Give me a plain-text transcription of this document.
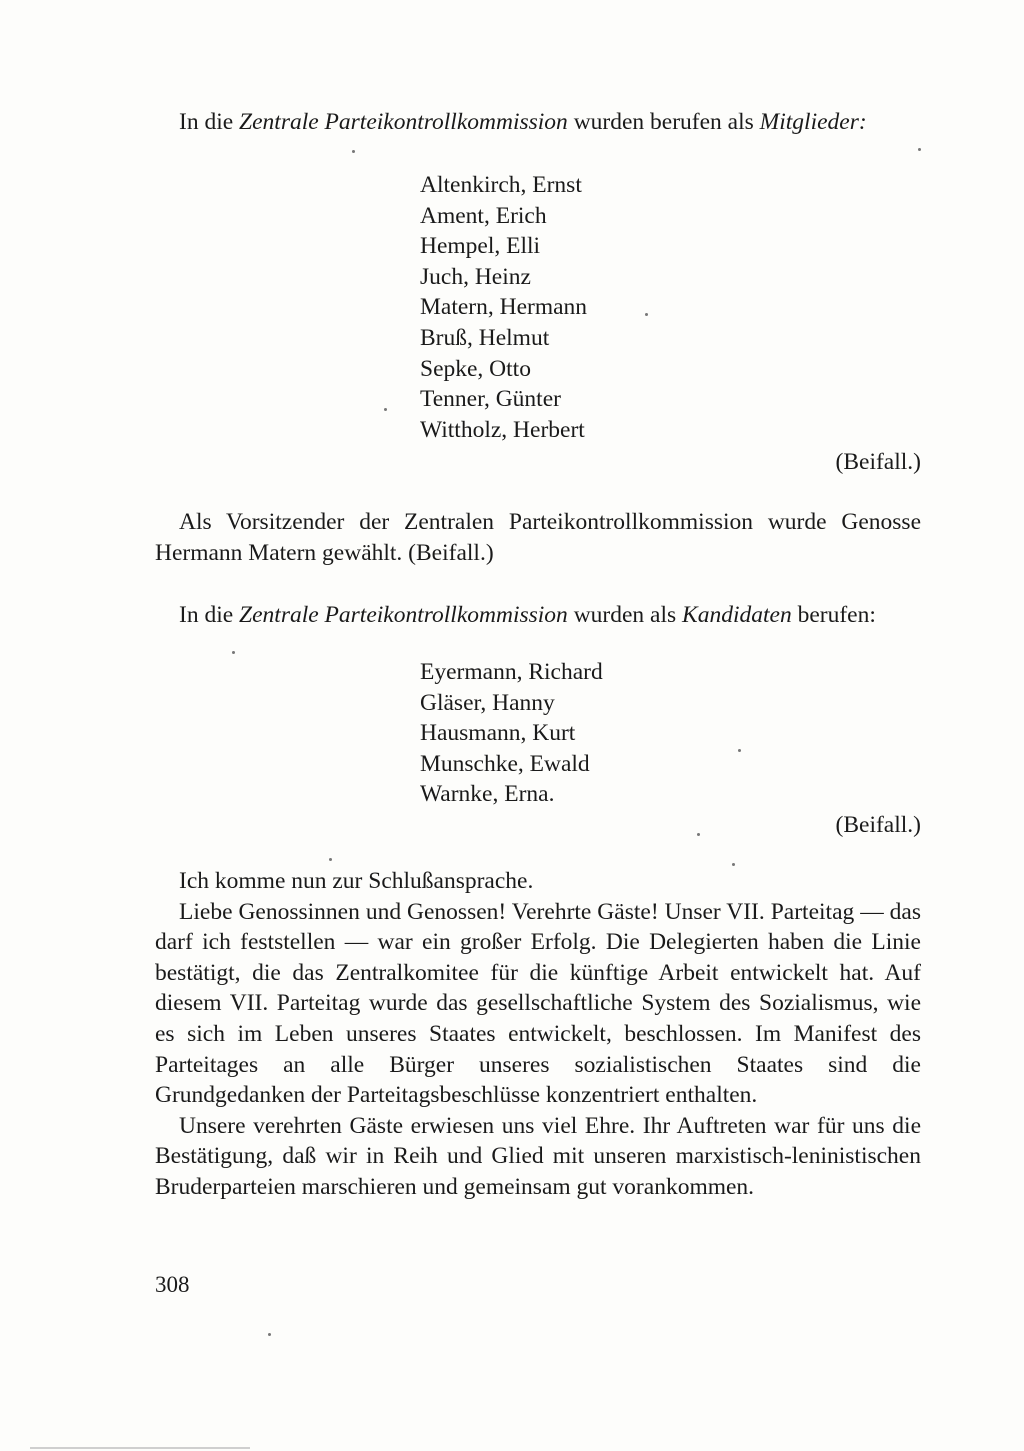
In die Zentrale Parteikontrollkommission wurden berufen als Mitglieder:

Altenkirch, Ernst
Ament, Erich
Hempel, Elli
Juch, Heinz
Matern, Hermann
Bruß, Helmut
Sepke, Otto
Tenner, Günter
Wittholz, Herbert
(Beifall.)

Als Vorsitzender der Zentralen Parteikontrollkommission wurde Genosse Hermann Matern gewählt. (Beifall.)

In die Zentrale Parteikontrollkommission wurden als Kandidaten berufen:

Eyermann, Richard
Gläser, Hanny
Hausmann, Kurt
Munschke, Ewald
Warnke, Erna.
(Beifall.)

Ich komme nun zur Schlußansprache.

Liebe Genossinnen und Genossen! Verehrte Gäste! Unser VII. Parteitag — das darf ich feststellen — war ein großer Erfolg. Die Delegierten haben die Linie bestätigt, die das Zentralkomitee für die künftige Arbeit entwickelt hat. Auf diesem VII. Parteitag wurde das gesellschaftliche System des Sozialismus, wie es sich im Leben unseres Staates entwickelt, beschlossen. Im Manifest des Parteitages an alle Bürger unseres sozialistischen Staates sind die Grundgedanken der Parteitagsbeschlüsse konzentriert enthalten.

Unsere verehrten Gäste erwiesen uns viel Ehre. Ihr Auftreten war für uns die Bestätigung, daß wir in Reih und Glied mit unseren marxistisch-leninistischen Bruderparteien marschieren und gemeinsam gut vorankommen.

308
